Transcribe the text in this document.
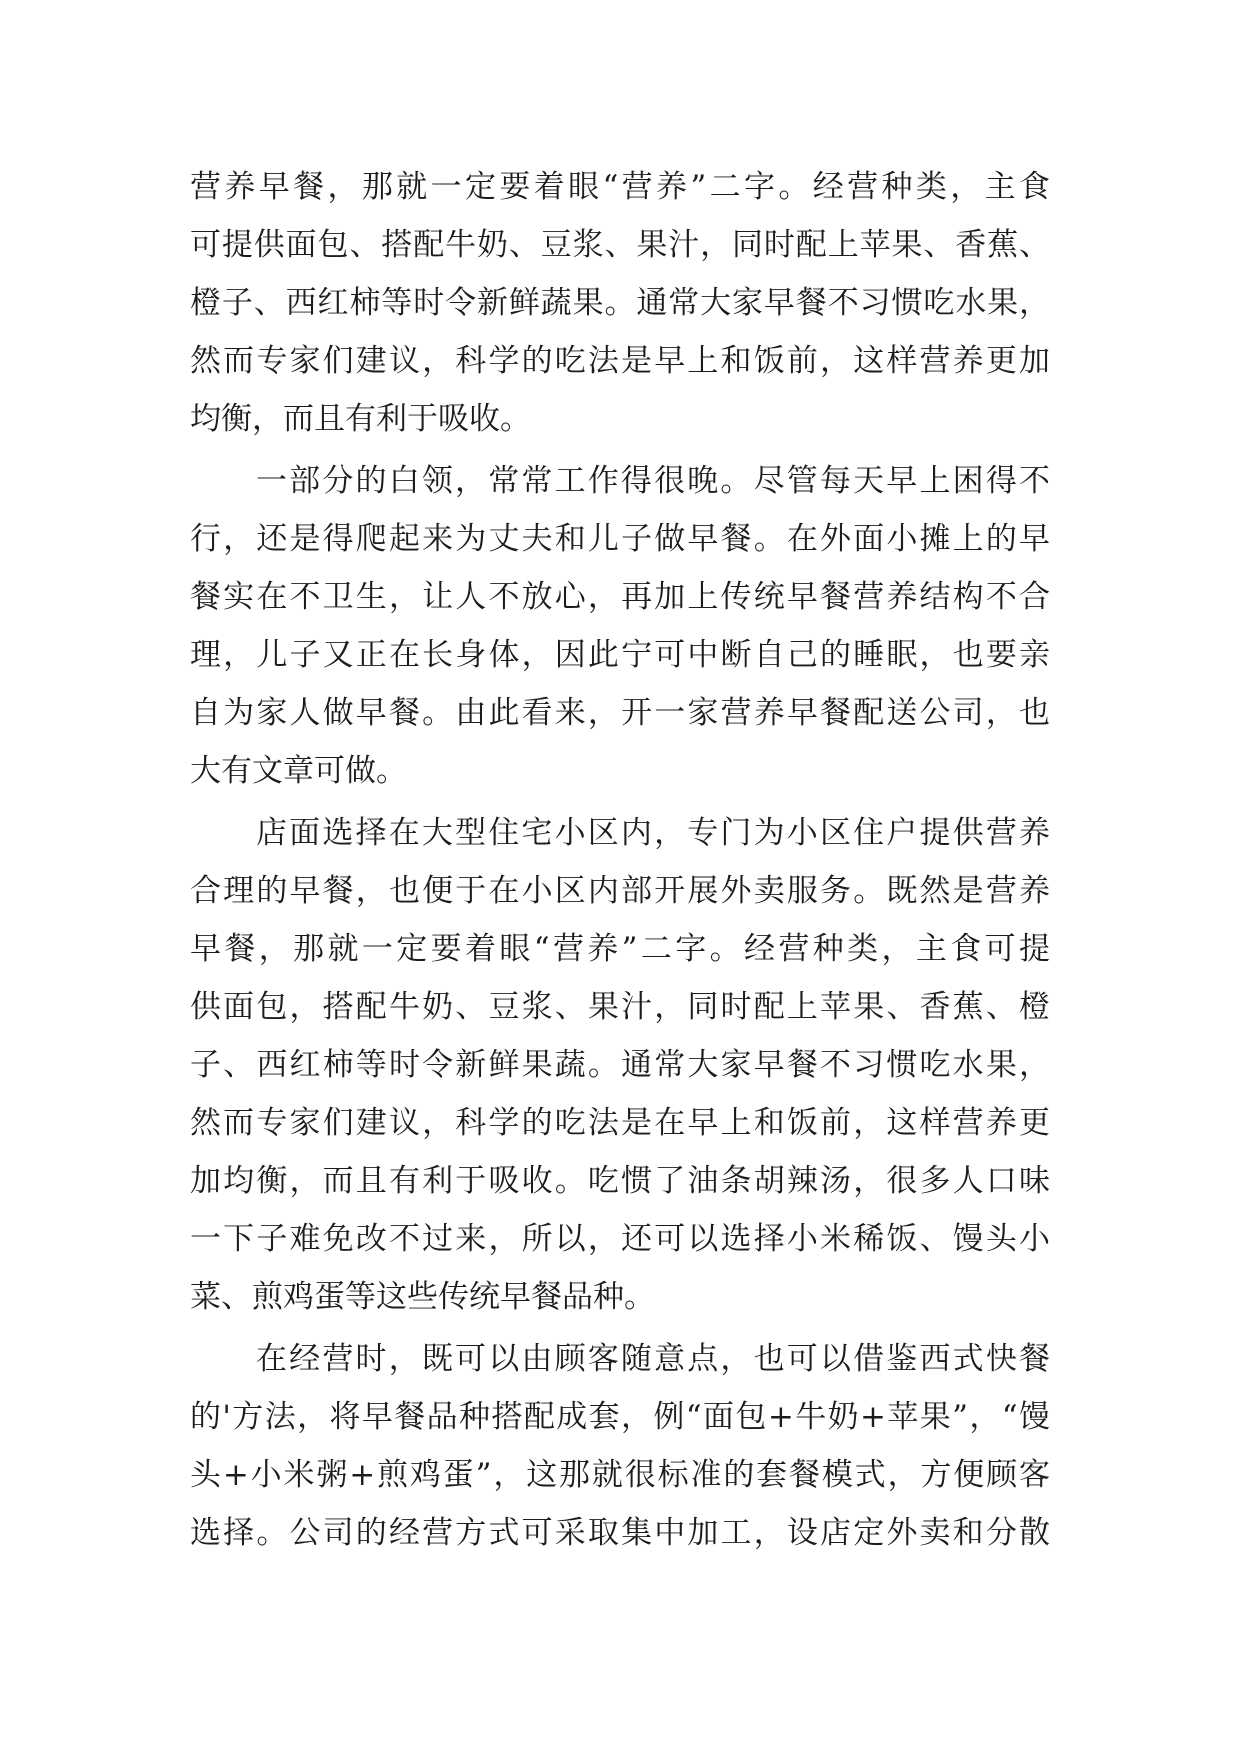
营养早餐，那就一定要着眼“营养”二字。经营种类，主食
可提供面包、搭配牛奶、豆浆、果汁，同时配上苹果、香蕉、
橙子、西红柿等时令新鲜蔬果。通常大家早餐不习惯吃水果，
然而专家们建议，科学的吃法是早上和饭前，这样营养更加
均衡，而且有利于吸收。
一部分的白领，常常工作得很晚。尽管每天早上困得不
行，还是得爬起来为丈夫和儿子做早餐。在外面小摊上的早
餐实在不卫生，让人不放心，再加上传统早餐营养结构不合
理，儿子又正在长身体，因此宁可中断自己的睡眠，也要亲
自为家人做早餐。由此看来，开一家营养早餐配送公司，也
大有文章可做。
店面选择在大型住宅小区内，专门为小区住户提供营养
合理的早餐，也便于在小区内部开展外卖服务。既然是营养
早餐，那就一定要着眼“营养”二字。经营种类，主食可提
供面包，搭配牛奶、豆浆、果汁，同时配上苹果、香蕉、橙
子、西红柿等时令新鲜果蔬。通常大家早餐不习惯吃水果，
然而专家们建议，科学的吃法是在早上和饭前，这样营养更
加均衡，而且有利于吸收。吃惯了油条胡辣汤，很多人口味
一下子难免改不过来，所以，还可以选择小米稀饭、馒头小
菜、煎鸡蛋等这些传统早餐品种。
在经营时，既可以由顾客随意点，也可以借鉴西式快餐
的'方法，将早餐品种搭配成套，例“面包+牛奶+苹果”，“馒
头+小米粥+煎鸡蛋”，这那就很标准的套餐模式，方便顾客
选择。公司的经营方式可采取集中加工，设店定外卖和分散
